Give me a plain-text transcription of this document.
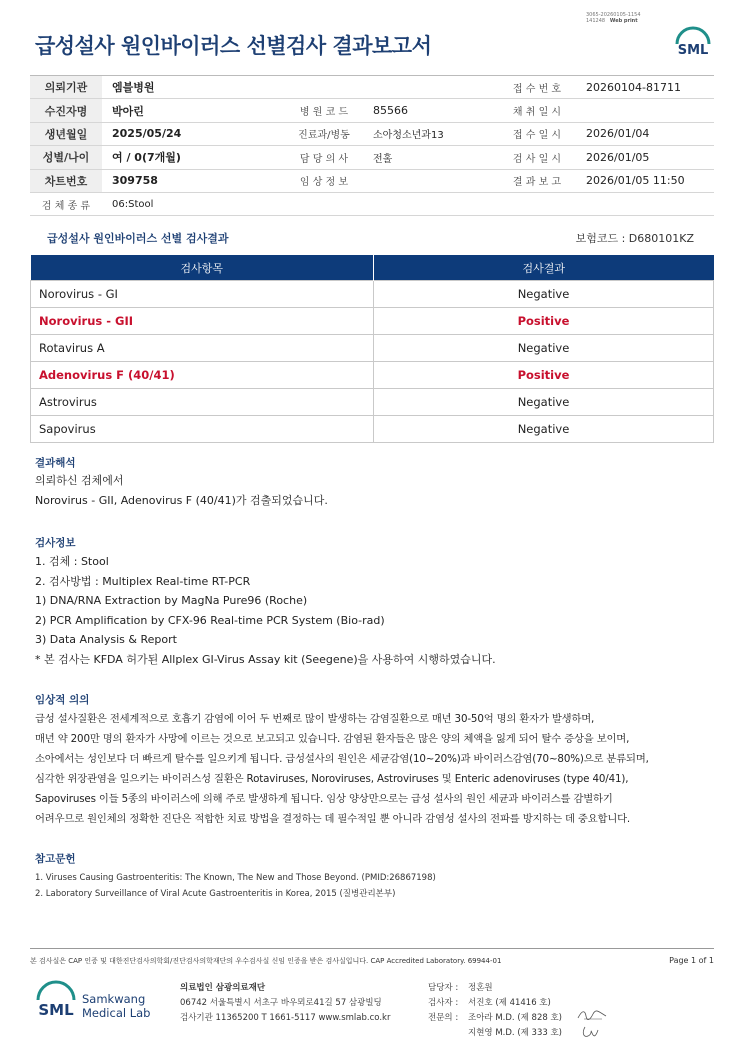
3065-20260105-1154
141248 Web print
급성설사 원인바이러스 선별검사 결과보고서	SML
의뢰기관	엠블병원			접 수 번 호	20260104-81711
수진자명	박아린	병 원 코 드	85566	채 취 일 시	
생년월일	2025/05/24	진료과/병동	소아청소년과13	접 수 일 시	2026/01/04
성별/나이	여 / 0(7개월)	담 당 의 사	전홀	검 사 일 시	2026/01/05
차트번호	309758	임 상 정 보		결 과 보 고	2026/01/05 11:50
검 체 종 류	06:Stool				
급성설사 원인바이러스 선별 검사결과	보험코드 : D680101KZ
검사항목	검사결과
Norovirus - GI	Negative
Norovirus - GII	Positive
Rotavirus A	Negative
Adenovirus F (40/41)	Positive
Astrovirus	Negative
Sapovirus	Negative
결과해석
의뢰하신 검체에서
Norovirus - GII, Adenovirus F (40/41)가 검출되었습니다.
검사정보
1. 검체 : Stool
2. 검사방법 : Multiplex Real-time RT-PCR
1) DNA/RNA Extraction by MagNa Pure96 (Roche)
2) PCR Amplification by CFX-96 Real-time PCR System (Bio-rad)
3) Data Analysis & Report
* 본 검사는 KFDA 허가된 Allplex GI-Virus Assay kit (Seegene)을 사용하여 시행하였습니다.
임상적 의의
급성 설사질환은 전세계적으로 호흡기 감염에 이어 두 번째로 많이 발생하는 감염질환으로 매년 30-50억 명의 환자가 발생하며,
매년 약 200만 명의 환자가 사망에 이르는 것으로 보고되고 있습니다. 감염된 환자들은 많은 양의 체액을 잃게 되어 탈수 증상을 보이며,
소아에서는 성인보다 더 빠르게 탈수를 일으키게 됩니다. 급성설사의 원인은 세균감염(10~20%)과 바이러스감염(70~80%)으로 분류되며,
심각한 위장관염을 일으키는 바이러스성 질환은 Rotaviruses, Noroviruses, Astroviruses 및 Enteric adenoviruses (type 40/41),
Sapoviruses 이들 5종의 바이러스에 의해 주로 발생하게 됩니다. 임상 양상만으로는 급성 설사의 원인 세균과 바이러스를 감별하기
어려우므로 원인체의 정확한 진단은 적합한 치료 방법을 결정하는 데 필수적일 뿐 아니라 감염성 설사의 전파를 방지하는 데 중요합니다.
참고문헌
1. Viruses Causing Gastroenteritis: The Known, The New and Those Beyond. (PMID:26867198)
2. Laboratory Surveillance of Viral Acute Gastroenteritis in Korea, 2015 (질병관리본부)
본 검사실은 CAP 인증 및 대한진단검사의학회/진단검사의학재단의 우수검사실 신임 인증을 받은 검사실입니다. CAP Accredited Laboratory. 69944-01	Page 1 of 1
SML
Samkwang
Medical Lab
의료법인 삼광의료재단
06742 서울특별시 서초구 바우뫼로41길 57 삼광빌딩
검사기관 11365200 T 1661-5117 www.smlab.co.kr
담당자 : 정혼원
검사자 : 서진호 (제 41416 호)
전문의 : 조아라 M.D. (제 828 호)
지현영 M.D. (제 333 호)
